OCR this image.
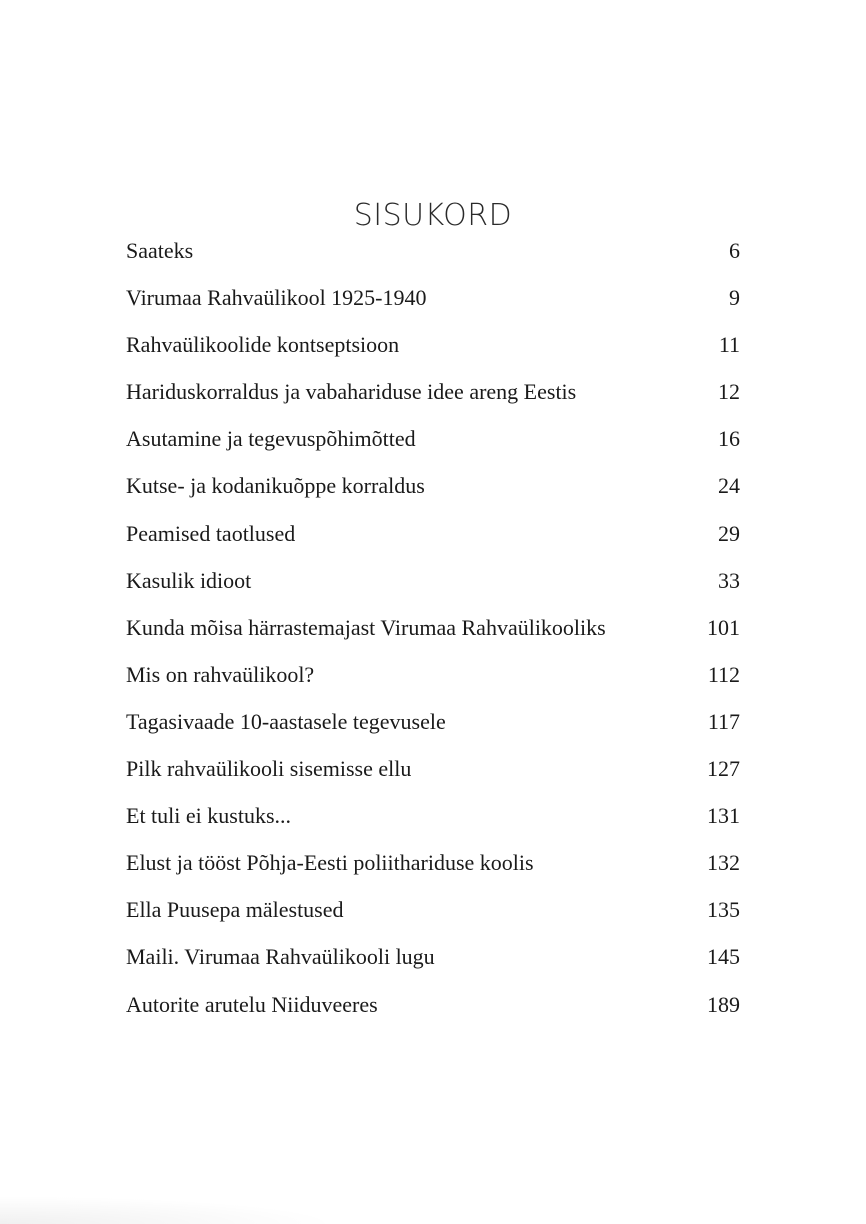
SISUKORD
Saateks	6
Virumaa Rahvaülikool 1925-1940	9
Rahvaülikoolide kontseptsioon	11
Hariduskorraldus ja vabahariduse idee areng Eestis	12
Asutamine ja tegevuspõhimõtted	16
Kutse- ja kodanikuõppe korraldus	24
Peamised taotlused	29
Kasulik idioot	33
Kunda mõisa härrastemajast Virumaa Rahvaülikooliks	101
Mis on rahvaülikool?	112
Tagasivaade 10-aastasele tegevusele	117
Pilk rahvaülikooli sisemisse ellu	127
Et tuli ei kustuks...	131
Elust ja tööst Põhja-Eesti poliithariduse koolis	132
Ella Puusepa mälestused	135
Maili. Virumaa Rahvaülikooli lugu	145
Autorite arutelu Niiduveeres	189
